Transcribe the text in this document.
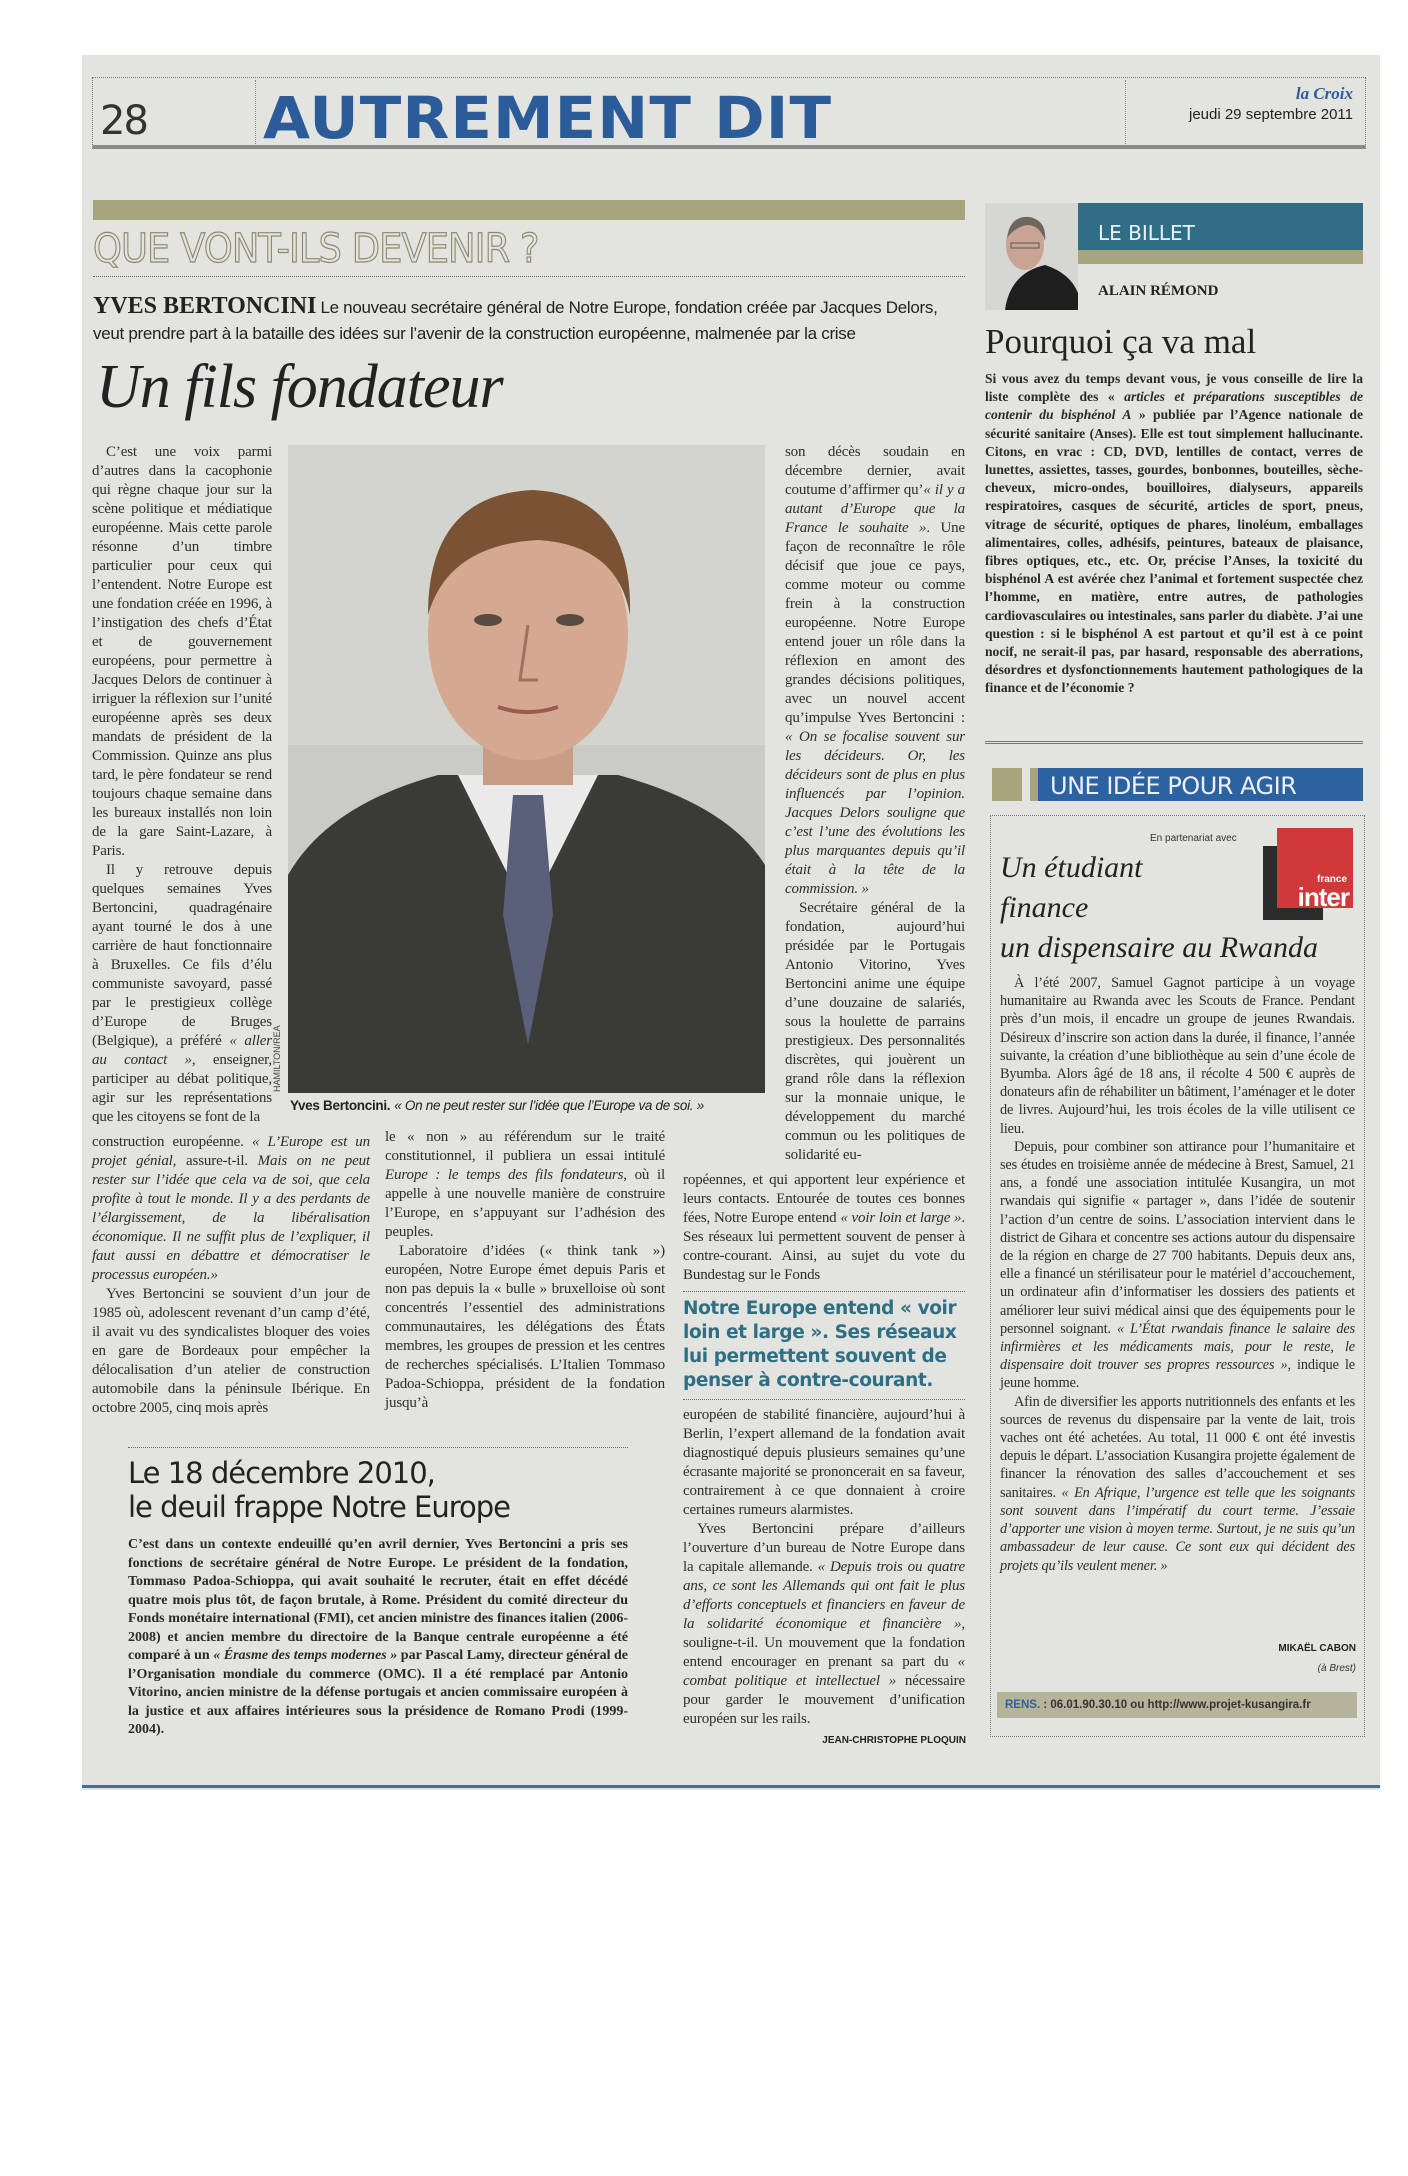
28 AUTREMENT DIT	la Croix
jeudi 29 septembre 2011
QUE VONT-ILS DEVENIR ?
YVES BERTONCINI Le nouveau secrétaire général de Notre Europe, fondation créée par Jacques Delors, veut prendre part à la bataille des idées sur l’avenir de la construction européenne, malmenée par la crise
Un fils fondateur

C’est une voix parmi d’autres dans la cacophonie qui règne chaque jour sur la scène politique et médiatique européenne. Mais cette parole résonne d’un timbre particulier pour ceux qui l’entendent. Notre Europe est une fondation créée en 1996, à l’instigation des chefs d’État et de gouvernement européens, pour permettre à Jacques Delors de continuer à irriguer la réflexion sur l’unité européenne après ses deux mandats de président de la Commission. Quinze ans plus tard, le père fondateur se rend toujours chaque semaine dans les bureaux installés non loin de la gare Saint-Lazare, à Paris.

Il y retrouve depuis quelques semaines Yves Bertoncini, quadragénaire ayant tourné le dos à une carrière de haut fonctionnaire à Bruxelles. Ce fils d’élu communiste savoyard, passé par le prestigieux collège d’Europe de Bruges (Belgique), a préféré « aller au contact », enseigner, participer au débat politique, agir sur les représentations que les citoyens se font de la

HAMILTON/REA
Yves Bertoncini. « On ne peut rester sur l’idée que l’Europe va de soi. »

construction européenne. « L’Europe est un projet génial, assure-t-il. Mais on ne peut rester sur l’idée que cela va de soi, que cela profite à tout le monde. Il y a des perdants de l’élargissement, de la libéralisation économique. Il ne suffit plus de l’expliquer, il faut aussi en débattre et démocratiser le processus européen.»

Yves Bertoncini se souvient d’un jour de 1985 où, adolescent revenant d’un camp d’été, il avait vu des syndicalistes bloquer des voies en gare de Bordeaux pour empêcher la délocalisation d’un atelier de construction automobile dans la péninsule Ibérique. En octobre 2005, cinq mois après

le « non » au référendum sur le traité constitutionnel, il publiera un essai intitulé Europe : le temps des fils fondateurs, où il appelle à une nouvelle manière de construire l’Europe, en s’appuyant sur l’adhésion des peuples.

Laboratoire d’idées (« think tank ») européen, Notre Europe émet depuis Paris et non pas depuis la « bulle » bruxelloise où sont concentrés l’essentiel des administrations communautaires, les délégations des États membres, les groupes de pression et les centres de recherches spécialisés. L’Italien Tommaso Padoa-Schioppa, président de la fondation jusqu’à

son décès soudain en décembre dernier, avait coutume d’affirmer qu’« il y a autant d’Europe que la France le souhaite ». Une façon de reconnaître le rôle décisif que joue ce pays, comme moteur ou comme frein à la construction européenne. Notre Europe entend jouer un rôle dans la réflexion en amont des grandes décisions politiques, avec un nouvel accent qu’impulse Yves Bertoncini : « On se focalise souvent sur les décideurs. Or, les décideurs sont de plus en plus influencés par l’opinion. Jacques Delors souligne que c’est l’une des évolutions les plus marquantes depuis qu’il était à la tête de la commission. »

Secrétaire général de la fondation, aujourd’hui présidée par le Portugais Antonio Vitorino, Yves Bertoncini anime une équipe d’une douzaine de salariés, sous la houlette de parrains prestigieux. Des personnalités discrètes, qui jouèrent un grand rôle dans la réflexion sur la monnaie unique, le développement du marché commun ou les politiques de solidarité eu-

ropéennes, et qui apportent leur expérience et leurs contacts. Entourée de toutes ces bonnes fées, Notre Europe entend « voir loin et large ». Ses réseaux lui permettent souvent de penser à contre-courant. Ainsi, au sujet du vote du Bundestag sur le Fonds

Notre Europe entend « voir loin et large ». Ses réseaux lui permettent souvent de penser à contre-courant.

européen de stabilité financière, aujourd’hui à Berlin, l’expert allemand de la fondation avait diagnostiqué depuis plusieurs semaines qu’une écrasante majorité se prononcerait en sa faveur, contrairement à ce que donnaient à croire certaines rumeurs alarmistes.

Yves Bertoncini prépare d’ailleurs l’ouverture d’un bureau de Notre Europe dans la capitale allemande. « Depuis trois ou quatre ans, ce sont les Allemands qui ont fait le plus d’efforts conceptuels et financiers en faveur de la solidarité économique et financière », souligne-t-il. Un mouvement que la fondation entend encourager en prenant sa part du « combat politique et intellectuel » nécessaire pour garder le mouvement d’unification européen sur les rails.

JEAN-CHRISTOPHE PLOQUIN
Le 18 décembre 2010,
le deuil frappe Notre Europe

C’est dans un contexte endeuillé qu’en avril dernier, Yves Bertoncini a pris ses fonctions de secrétaire général de Notre Europe. Le président de la fondation, Tommaso Padoa-Schioppa, qui avait souhaité le recruter, était en effet décédé quatre mois plus tôt, de façon brutale, à Rome. Président du comité directeur du Fonds monétaire international (FMI), cet ancien ministre des finances italien (2006-2008) et ancien membre du directoire de la Banque centrale européenne a été comparé à un « Érasme des temps modernes » par Pascal Lamy, directeur général de l’Organisation mondiale du commerce (OMC). Il a été remplacé par Antonio Vitorino, ancien ministre de la défense portugais et ancien commissaire européen à la justice et aux affaires intérieures sous la présidence de Romano Prodi (1999-2004).

LE BILLET
ALAIN RÉMOND
Pourquoi ça va mal

Si vous avez du temps devant vous, je vous conseille de lire la liste complète des « articles et préparations susceptibles de contenir du bisphénol A » publiée par l’Agence nationale de sécurité sanitaire (Anses). Elle est tout simplement hallucinante. Citons, en vrac : CD, DVD, lentilles de contact, verres de lunettes, assiettes, tasses, gourdes, bonbonnes, bouteilles, sèche-cheveux, micro-ondes, bouilloires, dialyseurs, appareils respiratoires, casques de sécurité, articles de sport, pneus, vitrage de sécurité, optiques de phares, linoléum, emballages alimentaires, colles, adhésifs, peintures, bateaux de plaisance, fibres optiques, etc., etc. Or, précise l’Anses, la toxicité du bisphénol A est avérée chez l’animal et fortement suspectée chez l’homme, en matière, entre autres, de pathologies cardiovasculaires ou intestinales, sans parler du diabète. J’ai une question : si le bisphénol A est partout et qu’il est à ce point nocif, ne serait-il pas, par hasard, responsable des aberrations, désordres et dysfonctionnements hautement pathologiques de la finance et de l’économie ?

UNE IDÉE POUR AGIR
En partenariat avec
france
inter
Un étudiant
finance
un dispensaire au Rwanda

À l’été 2007, Samuel Gagnot participe à un voyage humanitaire au Rwanda avec les Scouts de France. Pendant près d’un mois, il encadre un groupe de jeunes Rwandais. Désireux d’inscrire son action dans la durée, il finance, l’année suivante, la création d’une bibliothèque au sein d’une école de Byumba. Alors âgé de 18 ans, il récolte 4 500 € auprès de donateurs afin de réhabiliter un bâtiment, l’aménager et le doter de livres. Aujourd’hui, les trois écoles de la ville utilisent ce lieu.

Depuis, pour combiner son attirance pour l’humanitaire et ses études en troisième année de médecine à Brest, Samuel, 21 ans, a fondé une association intitulée Kusangira, un mot rwandais qui signifie « partager », dans l’idée de soutenir l’action d’un centre de soins. L’association intervient dans le district de Gihara et concentre ses actions autour du dispensaire de la région en charge de 27 700 habitants. Depuis deux ans, elle a financé un stérilisateur pour le matériel d’accouchement, un ordinateur afin d’informatiser les dossiers des patients et améliorer leur suivi médical ainsi que des équipements pour le personnel soignant. « L’État rwandais finance le salaire des infirmières et les médicaments mais, pour le reste, le dispensaire doit trouver ses propres ressources », indique le jeune homme.

Afin de diversifier les apports nutritionnels des enfants et les sources de revenus du dispensaire par la vente de lait, trois vaches ont été achetées. Au total, 11 000 € ont été investis depuis le départ. L’association Kusangira projette également de financer la rénovation des salles d’accouchement et ses sanitaires. « En Afrique, l’urgence est telle que les soignants sont souvent dans l’impératif du court terme. J’essaie d’apporter une vision à moyen terme. Surtout, je ne suis qu’un ambassadeur de leur cause. Ce sont eux qui décident des projets qu’ils veulent mener. »

MIKAËL CABON
(à Brest)
RENS. : 06.01.90.30.10 ou http://www.projet-kusangira.fr
